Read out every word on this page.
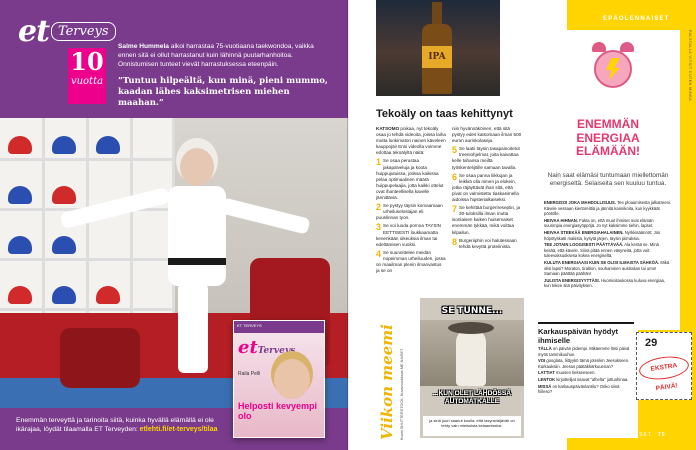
et $^{Terveys}$
10
vuotta
Salme Hummela alkoi harrastaa 75-vuotiaana taekwondoa, vaikka ennen sitä ei ollut harrastanut kuin lähinnä puutarhanhoitoa. Onnistumisen tunteet vievät harrastuksessa eteenpäin.
”Tuntuu hilpeältä, kun minä, pieni mummo, kaadan lähes kaksimetrisen miehen maahan.”
ET TERVEYS
etTerveys
Raila Pelli
Helposti kevyempi olo
Enemmän terveyttä ja tarinoita siitä, kuinka hyvällä elämällä ei ole ikärajaa, löydät tilaamalla ET Terveyden: etlehti.fi/et-terveys/tilaa
IPA
Tekoäly on taas kehittynyt

KATSOMO poikaa, nyt tekoäly osaa jo tehdä videoita, joissa laiha mutta lonkimaton nainen käveleen kauppojäi! Ensi videolla voimme edottaa tekoälyltä näitä:

1 Se osaa perustaa jakapalveluja ja koota huippujutuissa, jotissa kaikissa pelaa optimaalinen määrä huippupelaajia, jotta kaikki ottelut ovat ihanteellisella kavelle jännittäviä.

2 Se pystyy täysin korvaamaan urheiluselostajan eli puuslinnan tyon.

3 Se voi luoda pornoa TAYSIN EETTISESTI loukkaamatta kenenkään oikeuksia ilman tai edeltämisen vuoksi.

4 Se suunnittelee meidän nopeimman urheiluuden, jossa on maailman plenin ilmanvastus ja se on

niin hyvännäköinen, että sitä pystyy edes katsomaan ilman 500 euron aurinkolaseja.

5 Se laatii täysin tasapainoitetut treeniohjelmat, joita kaivattaa kelle tahansa meiltä työskentelijöille samaan tavalla.

6 Se osaa panna liikkujan ja leikkiä olla nimen ja elokein, jotka räjäyttävät ihan sitä, että pivat on valmistettu tiaskasimella aidoissa hipsterialkaiseksi.

7 Se kehittää burgerireseptin, ja 30-tuloksilla ilman mutta isonlaisen kaiken huisemaiset enemmän tykkää, mikä voittaa kilpailun.

8 Burgeriiphin voi halutessaan tehdä kevyttä proteiinista.

Viikon meemi Kuvat SHUTTERSTOCK, Kuvamuokkaus ME NAISET
SE TUNNE...
...KUN OLET LÄHDÖSSÄ AUTOMATKALLE
ja sinä juuri saanut kuulla, että lasyraväljäväli on tehty vain mieisoista kelaamiseksi.
EPÄOLENNAISET
PALSTALLA VITSIT KUTEN MINEA
ENEMMÄN ENERGIAA ELÄMÄÄN!
Nain saat elämäsi tuntumaan miellettomän energiseltä. Selaiseita sen kuuluu tuntua.

ENERGISOI JOKA MAHDOLLISUUS. Tee ploaamisesta jalkatreeni. Kävele vessaan kiertoreittiä ja jännitä kannikoita, kun kyykkäät pöntölle.

HEIVAA HIHNAN. Fakta on, että muut ihmiset ovat elämän suurimpia energiasyöppöjä. Jo nyt kaksimme tiehin, lapset.

HEIVAA STEEKÄÄ ENERGIAHALAINEN. Nyrkkisäännöt: Jos höpötyskatti makista, kysytä järjen, täysin piirraksia.

TEE JOTAIN LOOGISESTI PÄÄTTÄVÄÄ. Ala kerää se. Minä kesää, että kävele. Siinä pitää ennen väsyneitä, jotta voit tuleevaksuoksesa kokea energiseltä.

KULUTA ENERGIAASI KUIN SE OLISI ILMAISTA SÄHKÖÄ. Mikä olisi lapsi? Moraton, tiraltion, souhaminen australian tai umn! Samaan päättää päähän!

JULISTA ENERGISYYTTÄSI. Huomioitaukossa kuluva energiaa, kun tekee sitä päivityksen.

Karkauspäivän hyödyt ihmiselle

TÄLLÄ on päivän pidempi. Mikäemme löisi päivä myös tammikuuhun.

VOI googlata, liittyykö tämä jotenkin Jeesukseen. Karkauksiin. Jeesus päätäkkärkuuenan?

LATTIAT muusen tiekseeseen.

LENTOK kirjoittelijat saavat ”alhelta” juttuohinaa.

MISSÄ on karkauspäivänlantilu? Onko siinä hiileso?

29
EKSTRA PÄIVÄ!
ME NAISET 75
